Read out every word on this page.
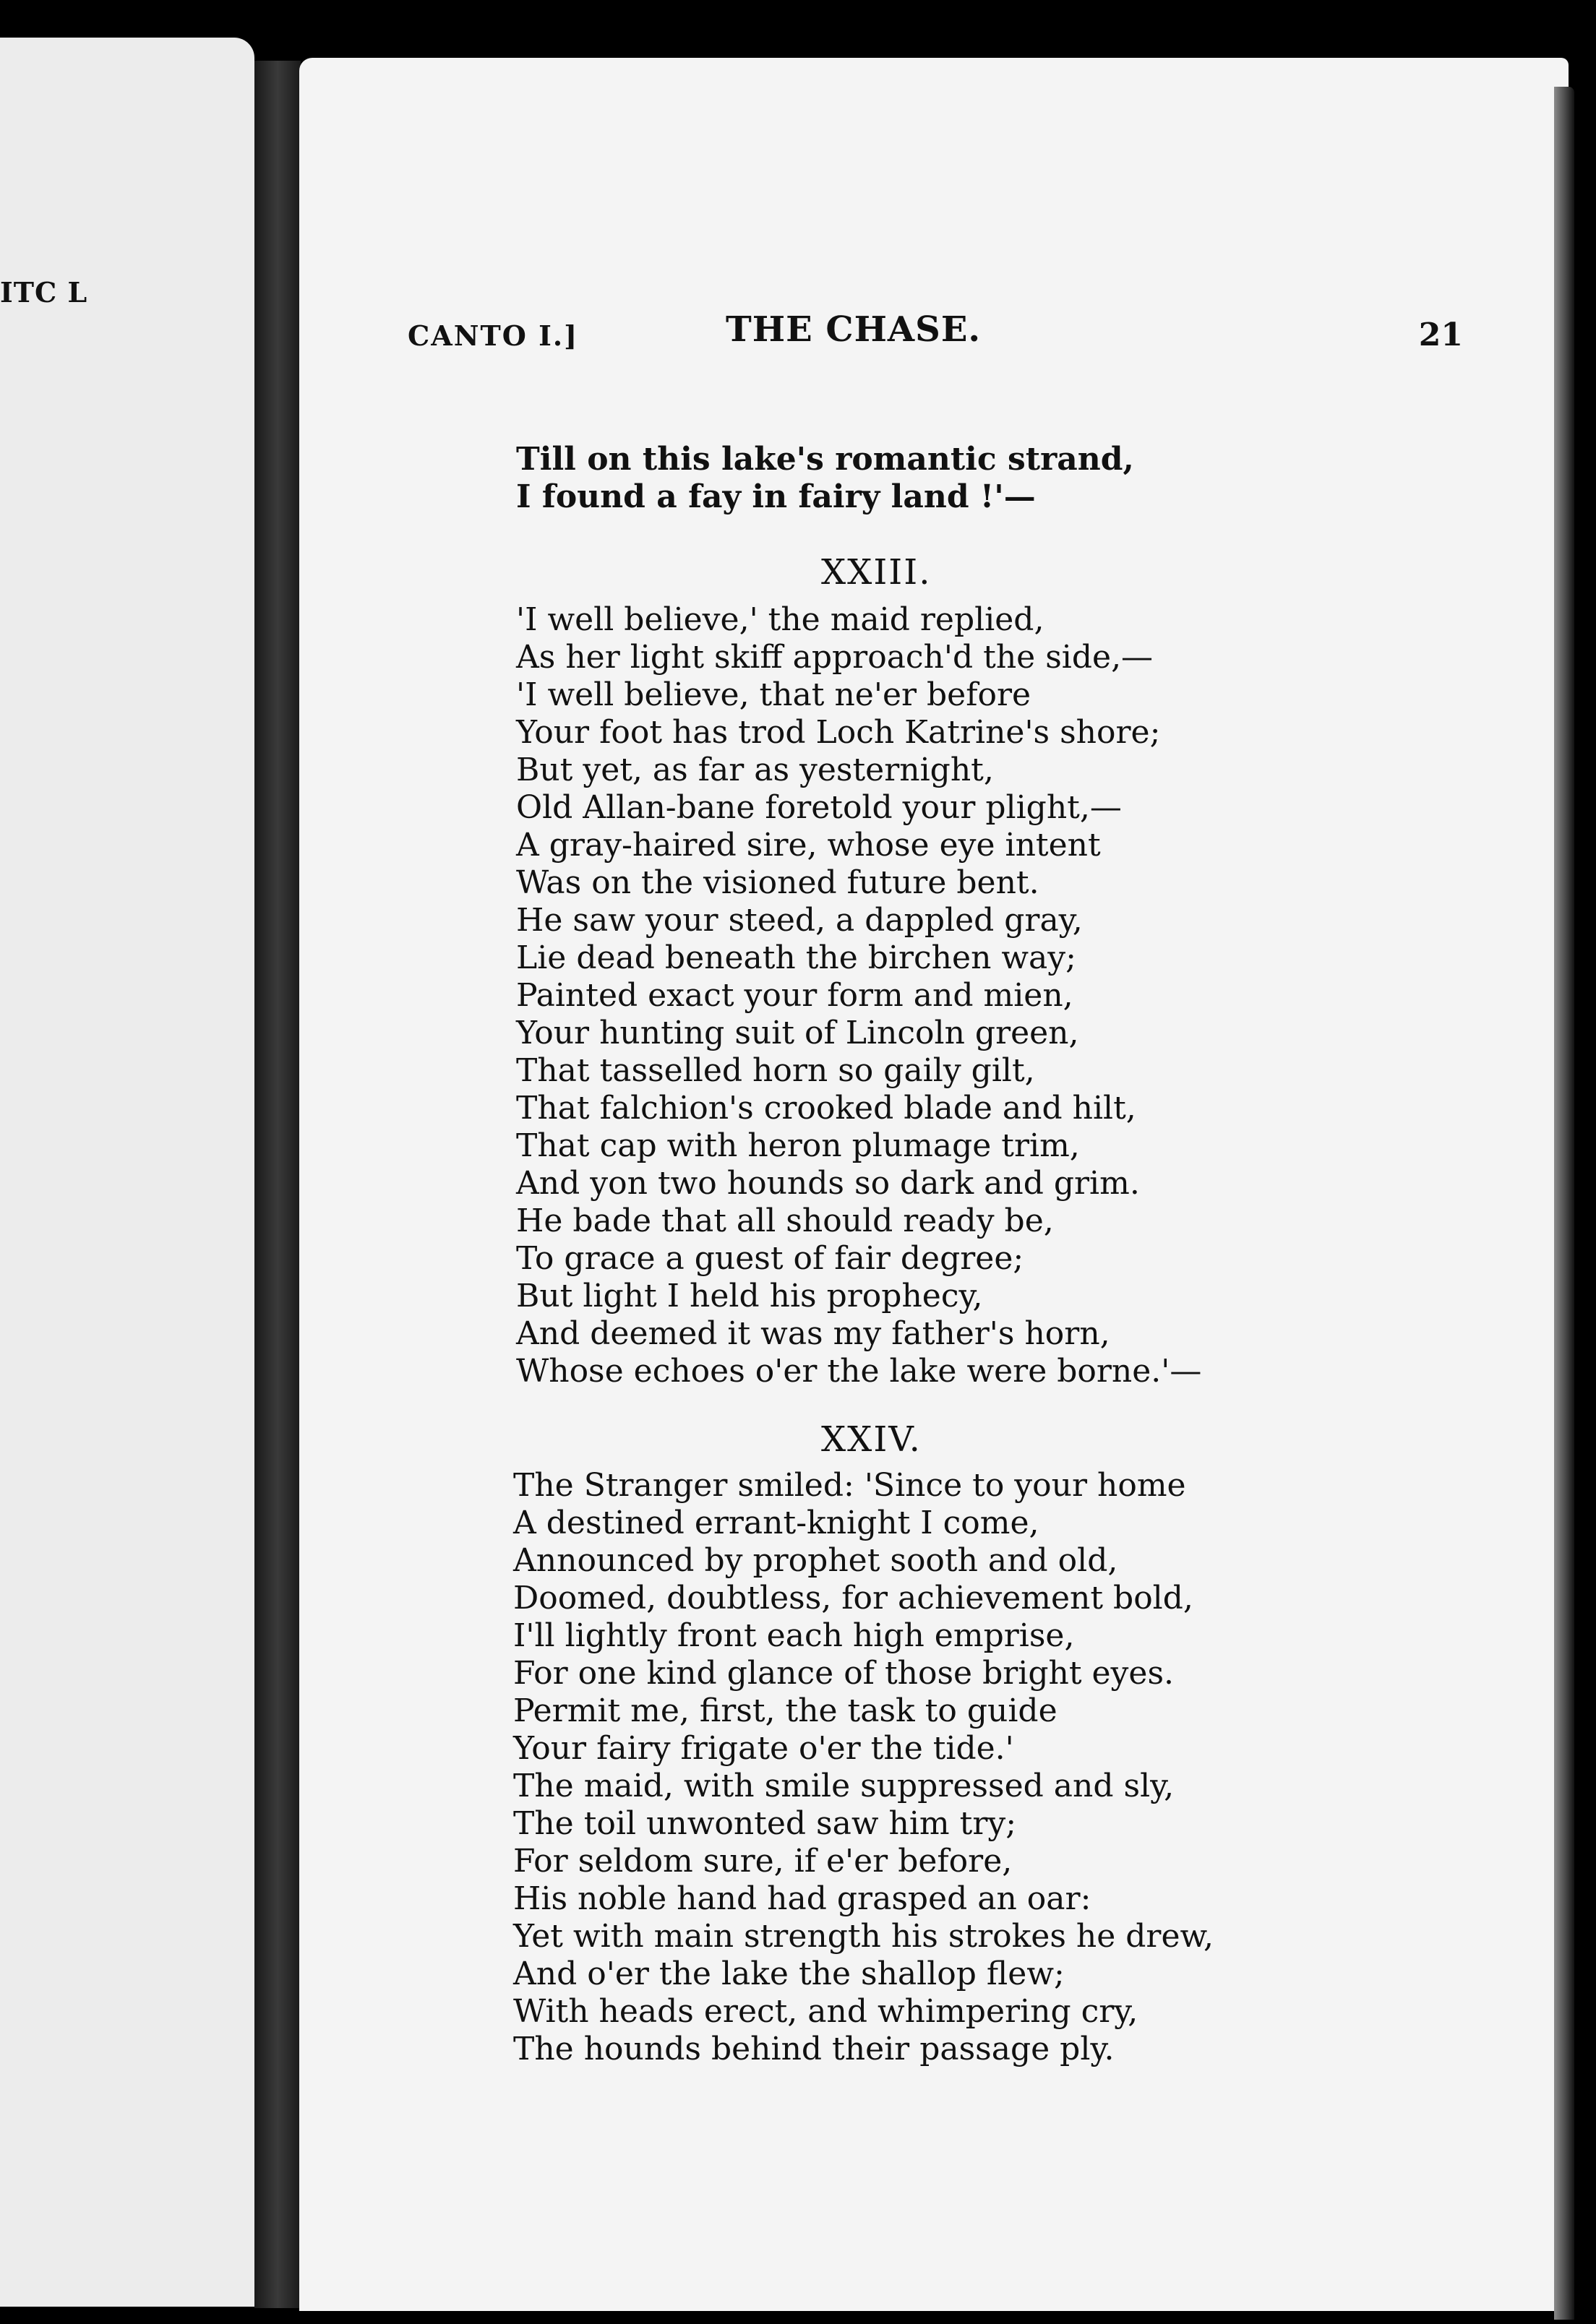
ITC L
CANTO I.]	THE CHASE.	21

Till on this lake's romantic strand,

I found a fay in fairy land !'—

XXIII.

'I well believe,' the maid replied,

As her light skiff approach'd the side,—

'I well believe, that ne'er before

Your foot has trod Loch Katrine's shore;

But yet, as far as yesternight,

Old Allan-bane foretold your plight,—

A gray-haired sire, whose eye intent

Was on the visioned future bent.

He saw your steed, a dappled gray,

Lie dead beneath the birchen way;

Painted exact your form and mien,

Your hunting suit of Lincoln green,

That tasselled horn so gaily gilt,

That falchion's crooked blade and hilt,

That cap with heron plumage trim,

And yon two hounds so dark and grim.

He bade that all should ready be,

To grace a guest of fair degree;

But light I held his prophecy,

And deemed it was my father's horn,

Whose echoes o'er the lake were borne.'—

XXIV.

The Stranger smiled: 'Since to your home

A destined errant-knight I come,

Announced by prophet sooth and old,

Doomed, doubtless, for achievement bold,

I'll lightly front each high emprise,

For one kind glance of those bright eyes.

Permit me, first, the task to guide

Your fairy frigate o'er the tide.'

The maid, with smile suppressed and sly,

The toil unwonted saw him try;

For seldom sure, if e'er before,

His noble hand had grasped an oar:

Yet with main strength his strokes he drew,

And o'er the lake the shallop flew;

With heads erect, and whimpering cry,

The hounds behind their passage ply.
